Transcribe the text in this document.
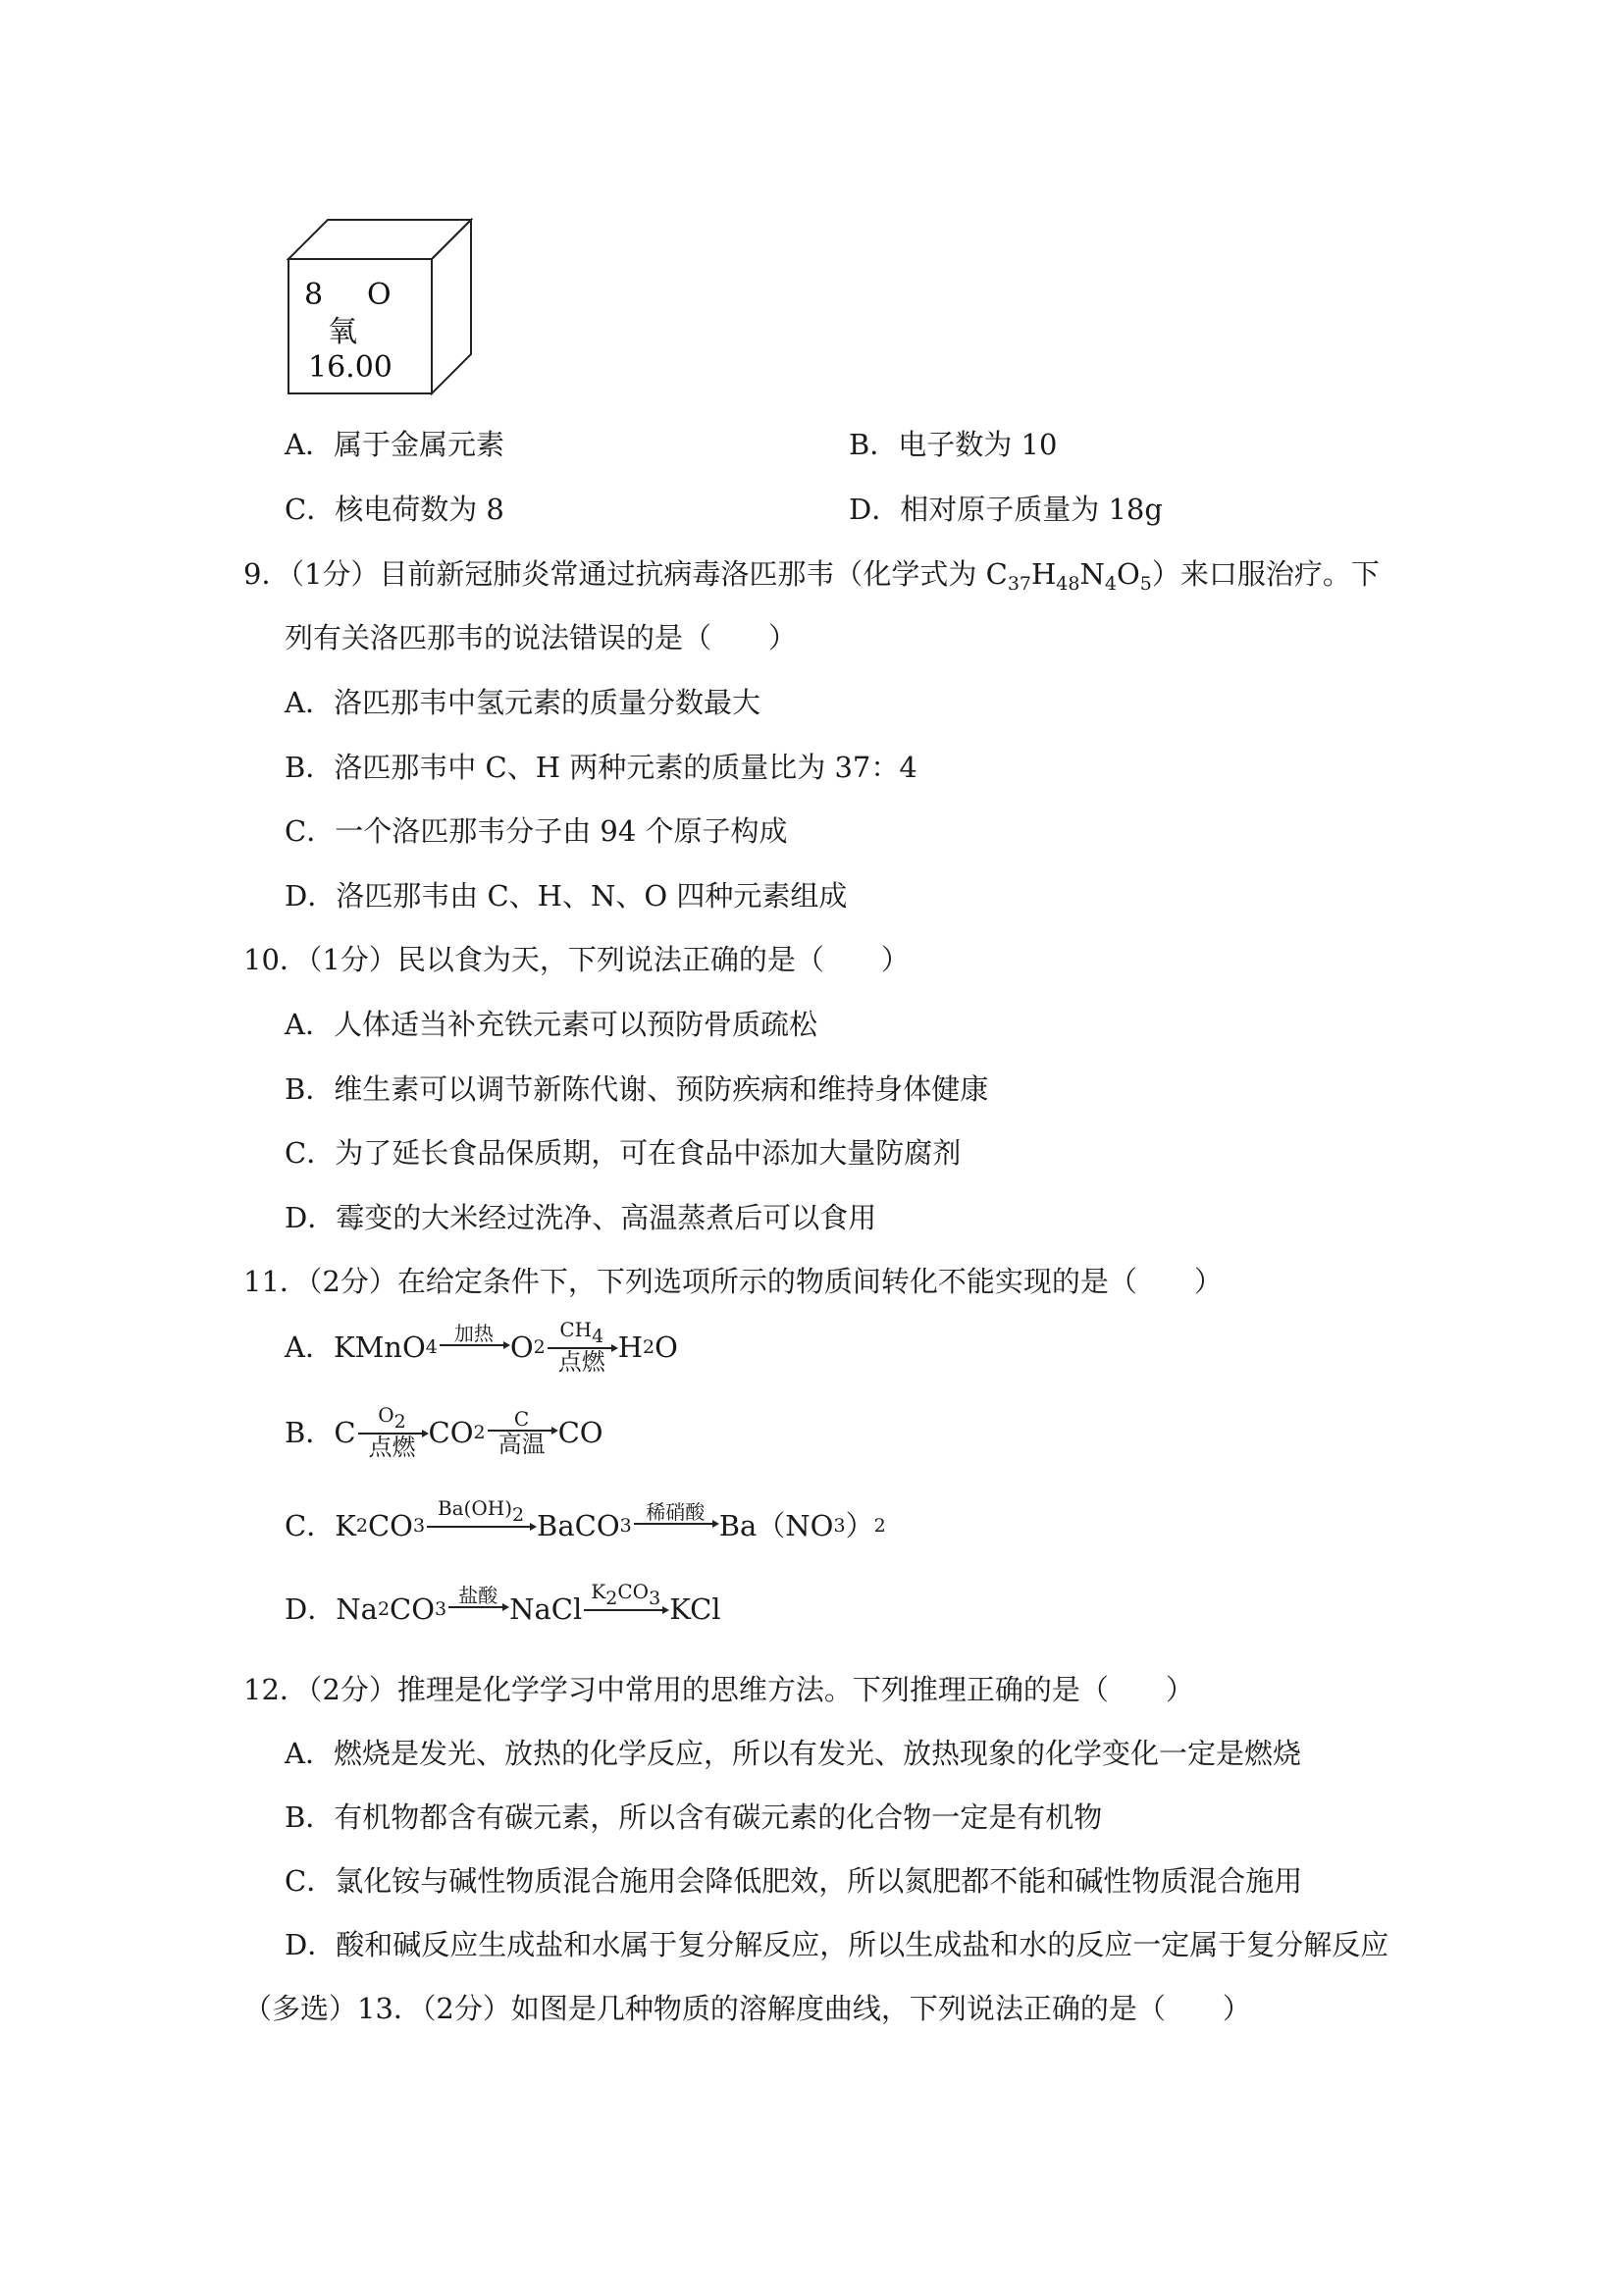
8 O
氧
16.00
A．属于金属元素	B．电子数为 10
C．核电荷数为 8	D．相对原子质量为 18g
9．（1分）目前新冠肺炎常通过抗病毒洛匹那韦（化学式为 $C_{37}H_{48}N_4O_5$）来口服治疗。下
列有关洛匹那韦的说法错误的是（　　）
A．洛匹那韦中氢元素的质量分数最大
B．洛匹那韦中 C、H 两种元素的质量比为 37：4
C．一个洛匹那韦分子由 94 个原子构成
D．洛匹那韦由 C、H、N、O 四种元素组成
10．（1分）民以食为天，下列说法正确的是（　　）
A．人体适当补充铁元素可以预防骨质疏松
B．维生素可以调节新陈代谢、预防疾病和维持身体健康
C．为了延长食品保质期，可在食品中添加大量防腐剂
D．霉变的大米经过洗净、高温蒸煮后可以食用
11．（2分）在给定条件下，下列选项所示的物质间转化不能实现的是（　　）
A． KMnO 4
加热 O $2 \frac{CH4}{\text{点燃}}$ H 2 O
B． C $\frac{O2}{\text{点燃}}$ CO $2 \frac{C}{\text{高温}}$ CO
C． K 2 CO 3
Ba(OH)2 BaCO 3
稀硝酸 Ba（NO 3 ） 2
D． Na 2 CO 3
盐酸 NaCl
K2CO3 KCl
12．（2分）推理是化学学习中常用的思维方法。下列推理正确的是（　　）
A．燃烧是发光、放热的化学反应，所以有发光、放热现象的化学变化一定是燃烧
B．有机物都含有碳元素，所以含有碳元素的化合物一定是有机物
C．氯化铵与碱性物质混合施用会降低肥效，所以氮肥都不能和碱性物质混合施用
D．酸和碱反应生成盐和水属于复分解反应，所以生成盐和水的反应一定属于复分解反应
（多选）13．（2分）如图是几种物质的溶解度曲线，下列说法正确的是（　　）
